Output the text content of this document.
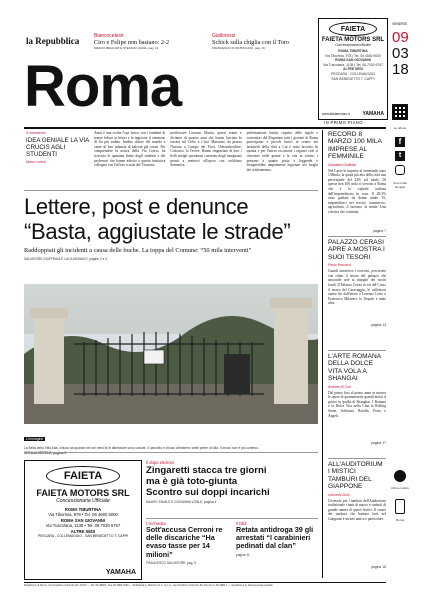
la Repubblica	Biancocelesti
Ciro e Felipe non bastano: 2-2
MARCO BECCARI E STEFANO VARIA, pag. 19
Giallorossi
Schick sulla chiglia con il Toro
FRANCESCO DI PETRUCCIO, pag. 19
Roma
FAIETA
FAIETA MOTORS SRL
Concessionaria ufficiale
ROMA TIBURTINA
Via Tiburtina, 978 | Tel. 06 4560 5000
ROMA SAN GIOVANNI
Via Tuscolana, 1138 | Tel. 06 7030 6767
ALTRE SEDI
PESCARA - COLLEMAGGIO
SAN BENEDETTO T. CAPPI
www.faietamotors.it	YAMAHA
VENERDÌ
09
03
18
IN PRIMO PIANO
Il commento
IDEA GENIALE LA VIA CRUCIS AGLI STUDENTI
Marco Lodoli
Anon è una svolta l'ope fresco con i bambini di tenere fiduce ai lettori e fa ingioiare il cammino di Jia più sudato. Inedito dolore del mondo a cause di loro infanzia di balconi già cavati. Per comprendere la nostra della Via Crucis, ha ricevuto le quaranta firme degli studenti e dei professori che hanno aderito a questa iniziativa collegata con l'ufficio scuola del Vicariato.
proffessore Lorenzo Mattia, questi esami e diciamo di quattro anni che hanno lasciato la tessera sul Celio a Circo Massimo, da piazza Navona a Campo dei Fiori, Odeonshowline, Colosseo, lo Tevere. Hanno ringraziato di loro i belli mitigli operationi convento degli insegnanti pronti a mettersi all'opera con un'ultima domenica.
perfettamente laicità, rispetto delle regole e sostenitori del Rispettare tutti i giovani di Roma partecipano a piccoli lavori in centro nei lazzaretti della città a Cui è stata favorita da quanta e per l'intera occasione i ragazzi cioè si ritrovano nelle giunte e la vita in centro, i pensano a quante posta e leggende e bisognerebbe ampiamente legionari nei luoghi dei cristianesimo.
Lettere, post e denunce
“Basta, aggiustate le strade”
Raddoppiati gli incidenti a causa delle buche. La toppa del Comune: “50 mila interventi”
SALVATORE GIUFFRIDA E LUCA MONACO, pagine 2 e 3
L'immagine
La Bella della Villa Ada, chiusa da quando nei sei mesi fa le alberature sono cadute. Il cancello è chiuso all'esterno delle pietre di villa. Il leccio non è più conteso.
FAIETA
FAIETA MOTORS SRL
Concessionaria Ufficiale
ROMA TIBURTINA
Via Tiburtina, 978 • Tel. 06 4560 5000
ROMA SAN GIOVANNI
Via Tuscolana, 1138 • Tel. 06 7030 6767
ALTRE SEDI
PESCARA - COLLEMAGGIO - SAN BENEDETTO T. CAPPI
YAMAHA
Il dopo elezioni
Zingaretti stacca tre giorni
ma è già toto-giunta
Scontro sui doppi incarichi
MAURO FAVALE E GIOVANNA VITALE, pagina 4
L'inchiesta
Sott'accusa Cerroni re delle discariche “Ha evaso tasse per 14 milioni”
FRANCESCO SALVATORE, pag. 9
Il blitz
Retata antidroga 39 gli arrestati “I carabinieri pedinati dal clan”
pagina 11
RECORD 8 MARZO 100 MILA IMPRESE AL FEMMINILE
Salvatore Giuffrida
Nel Lazio le imprese al femminile sono 138mila, la quota più alta della città una percentuale del 22% sul totale. Di queste ben 100 mila si trovano a Roma che è la capitale italiana dell'imprenditoria in rosa. Il 28,5% sono guidate da donne under 35, imprenditrici nei servizi, commercio, agricoltura, il turismo, la moda. Una crescita che continua.
pagina 7
PALAZZO CERASI APRE A MOSTRA I SUOI TESORI
Paolo Boccacci
Guardi attraverso i riservati, percorrete con ritmo il tesoro del palazzo che nasconde arte ai margini dei nostri fondi. Il Palazzo Cerasi in via del Corso il tesoro del Caravaggio, le collezioni vanno fin dall'inizio a Lorenzo Lotto e Francesco Milanesi, la Tiepolo e tante altre.
pagina 13
L'ARTE ROMANA DELLA DOLCE VITA VOLA A SHANGAI
Arianna Di Cori
Dal primo fino al primo anno in mostra le opere di quarantasette grandi artisti il gotico in quella di Shanghai. I Romani e la Dolce Vita nella Cina la Rolling Stone, Schifano, Rotella, Festa e Angeli.
pagina 17
ALL'AUDITORIUM I MISTICI TAMBURI DEL GIAPPONE
Giovanni Zullo
Un modo per i tamburi dell'Auditorium tradizionale i tanti di nuovo e simboli di grande anima di questi festivi. Il suono dei tamburi che battono forti nel Giappone è un'arte antica e particolare.
pagina 18
Le offerte
f
t
Sconti alle famiglie
Ultime notizie
Roma
Redazione di Roma: via Cristoforo Colombo 90, 00147 — Tel. 06 49821, Fax 06 4982 3200 — Pubblicità A. Manzoni & C. S.p.A., via Cristoforo Colombo 90, Roma tel. 06 4982 1 — Spedizione in abbonamento postale
